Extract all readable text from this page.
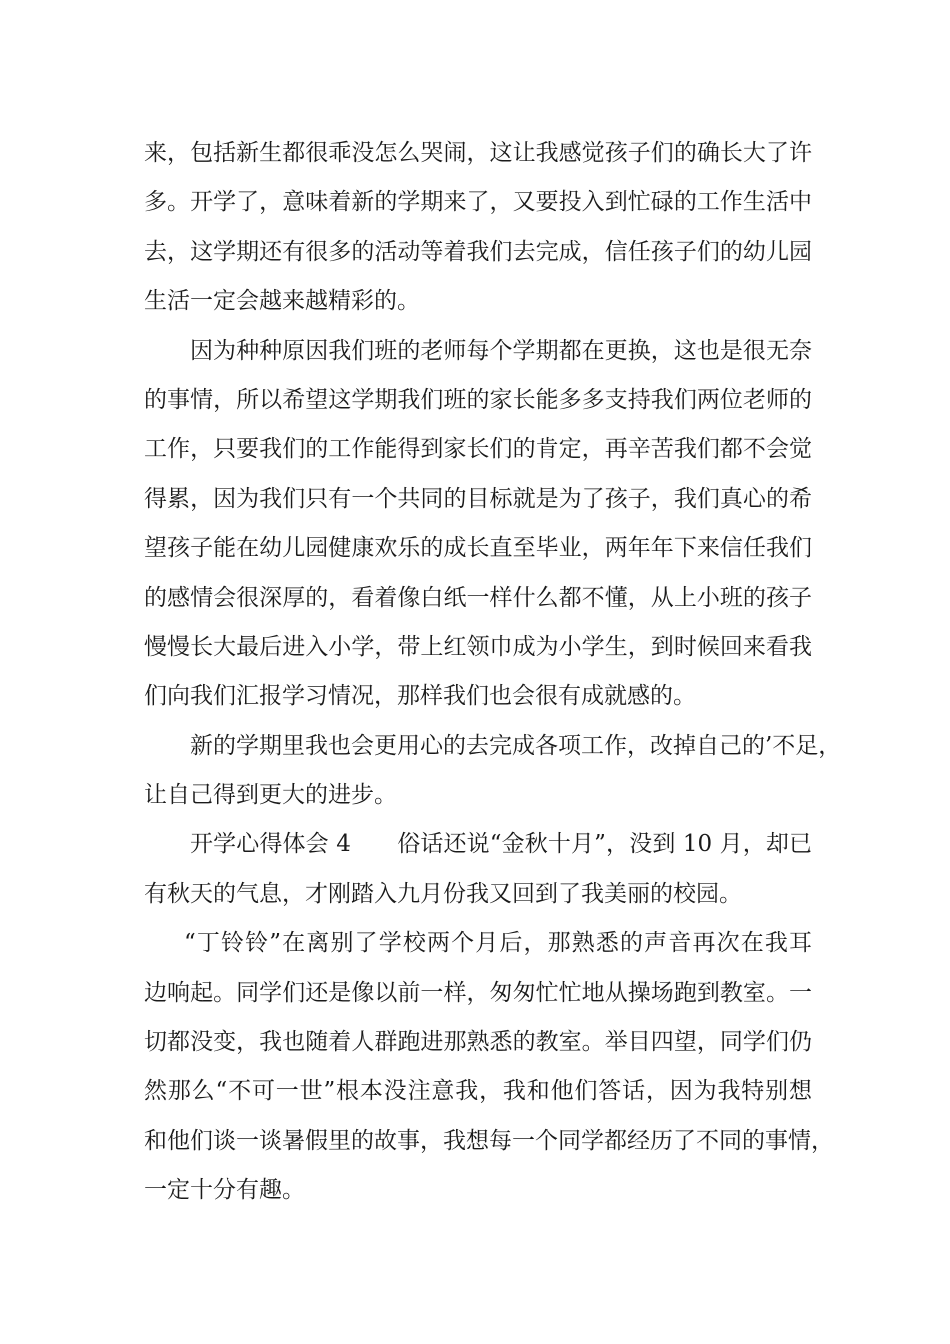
来，包括新生都很乖没怎么哭闹，这让我感觉孩子们的确长大了许
多。开学了，意味着新的学期来了，又要投入到忙碌的工作生活中
去，这学期还有很多的活动等着我们去完成，信任孩子们的幼儿园
生活一定会越来越精彩的。
因为种种原因我们班的老师每个学期都在更换，这也是很无奈
的事情，所以希望这学期我们班的家长能多多支持我们两位老师的
工作，只要我们的工作能得到家长们的肯定，再辛苦我们都不会觉
得累，因为我们只有一个共同的目标就是为了孩子，我们真心的希
望孩子能在幼儿园健康欢乐的成长直至毕业，两年年下来信任我们
的感情会很深厚的，看着像白纸一样什么都不懂，从上小班的孩子
慢慢长大最后进入小学，带上红领巾成为小学生，到时候回来看我
们向我们汇报学习情况，那样我们也会很有成就感的。
新的学期里我也会更用心的去完成各项工作，改掉自己的’不足，
让自己得到更大的进步。
开学心得体会 4　　俗话还说“金秋十月”，没到 10 月，却已
有秋天的气息，才刚踏入九月份我又回到了我美丽的校园。
“丁铃铃”在离别了学校两个月后，那熟悉的声音再次在我耳
边响起。同学们还是像以前一样，匆匆忙忙地从操场跑到教室。一
切都没变，我也随着人群跑进那熟悉的教室。举目四望，同学们仍
然那么“不可一世”根本没注意我，我和他们答话，因为我特别想
和他们谈一谈暑假里的故事，我想每一个同学都经历了不同的事情，
一定十分有趣。
